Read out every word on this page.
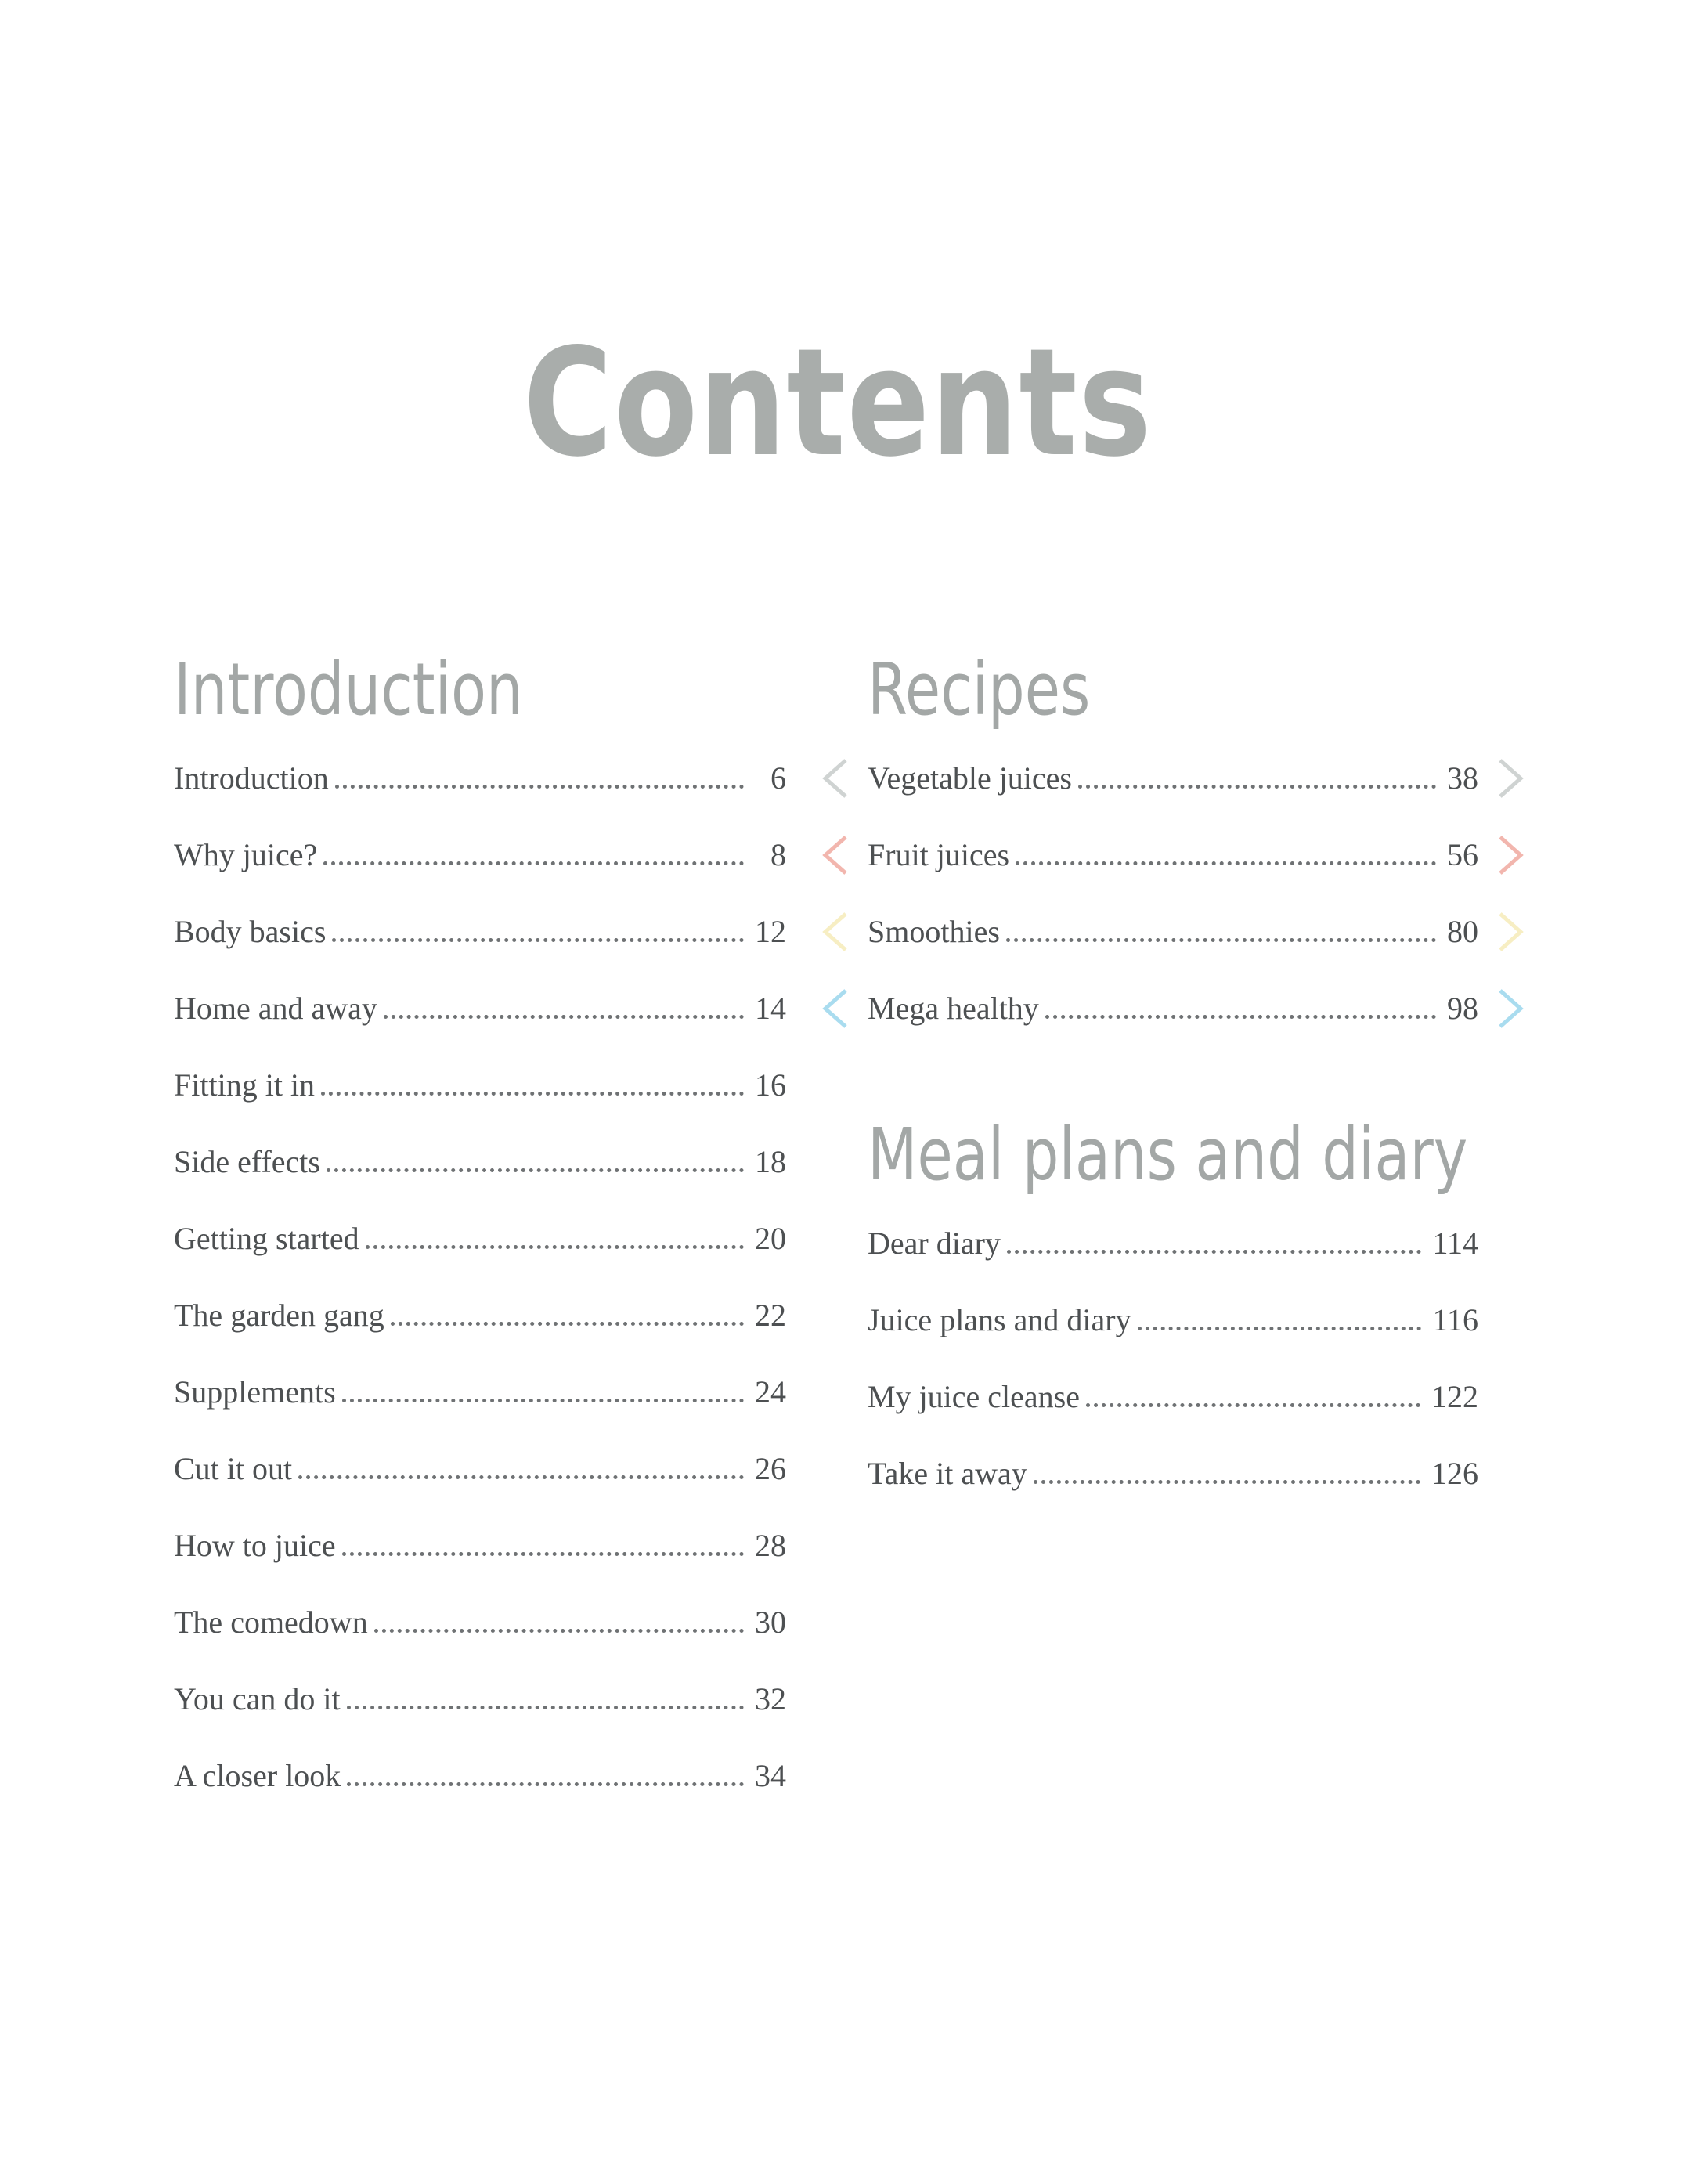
Contents
Introduction
Introduction	6
Why juice?	8
Body basics	12
Home and away	14
Fitting it in	16
Side effects	18
Getting started	20
The garden gang	22
Supplements	24
Cut it out	26
How to juice	28
The comedown	30
You can do it	32
A closer look	34
Recipes
Vegetable juices	38
Fruit juices	56
Smoothies	80
Mega healthy	98
Meal plans and diary
Dear diary	114
Juice plans and diary	116
My juice cleanse	122
Take it away	126
